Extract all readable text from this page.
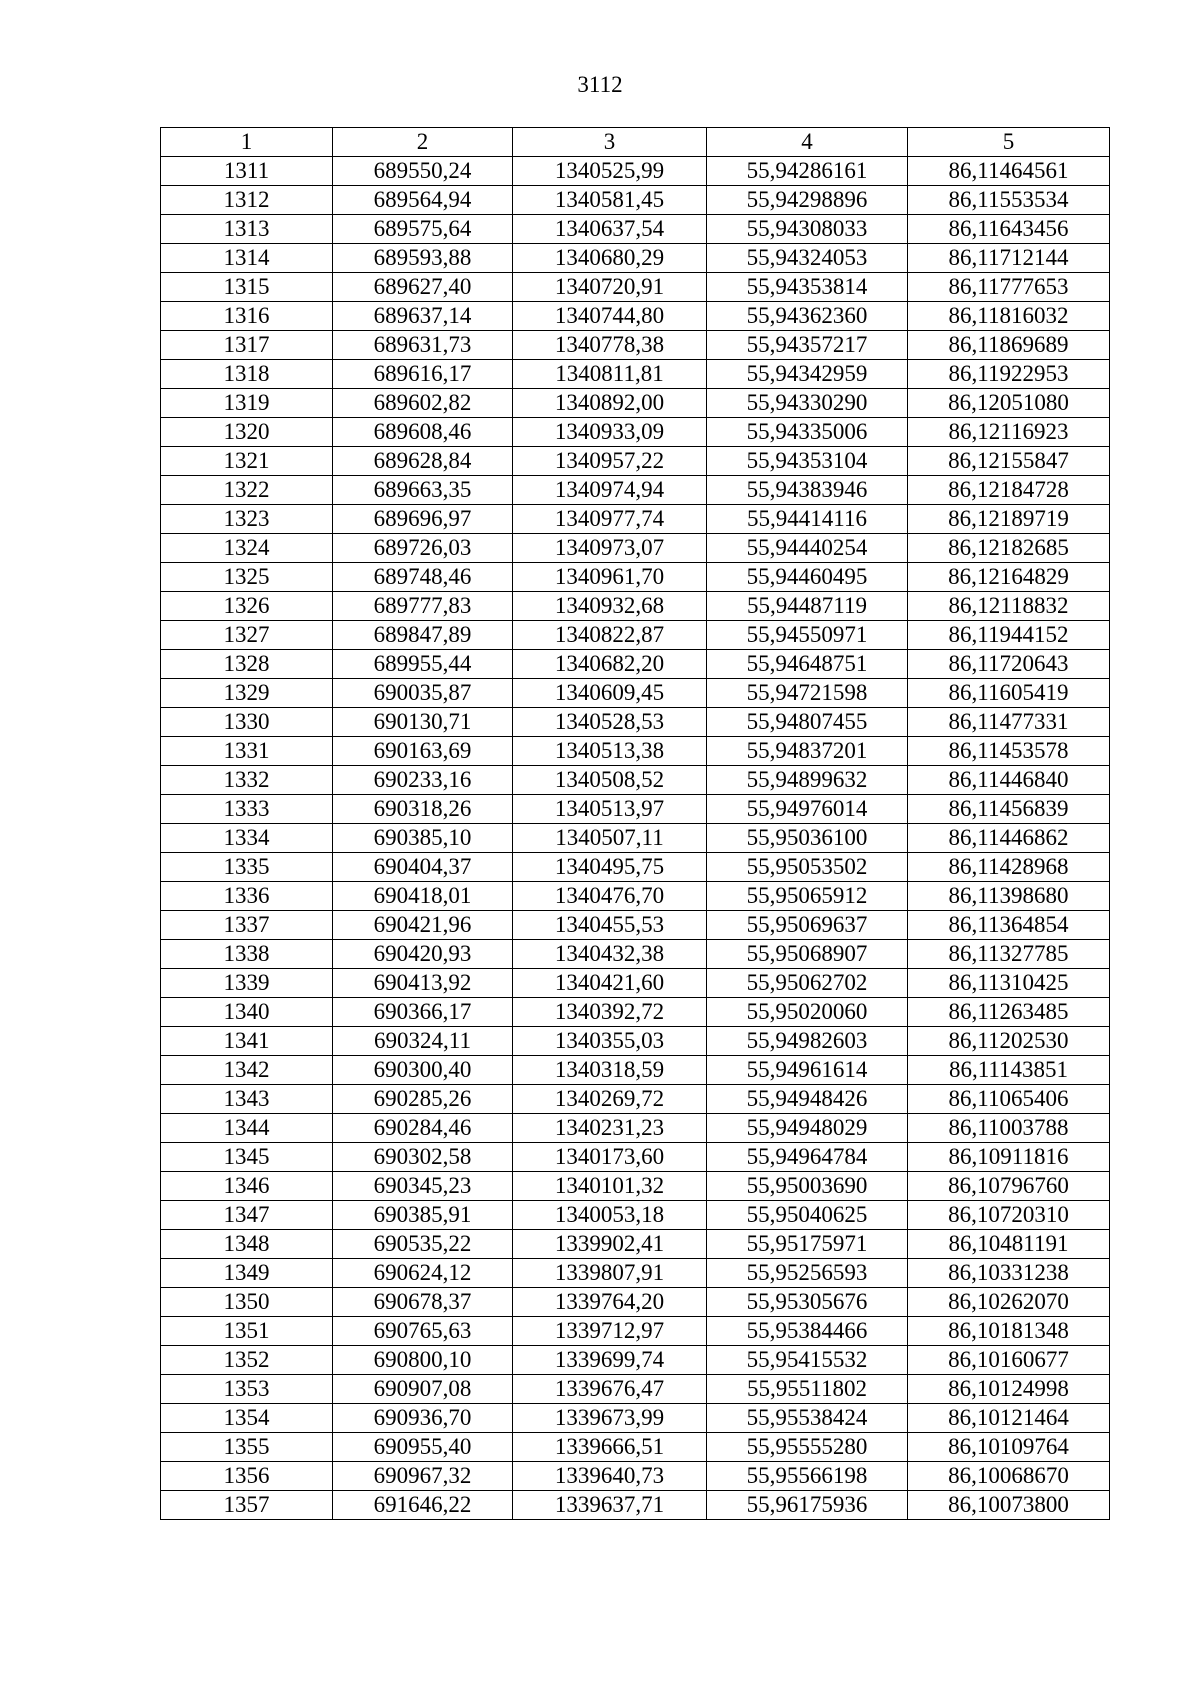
3112
1	2	3	4	5
1311	689550,24	1340525,99	55,94286161	86,11464561
1312	689564,94	1340581,45	55,94298896	86,11553534
1313	689575,64	1340637,54	55,94308033	86,11643456
1314	689593,88	1340680,29	55,94324053	86,11712144
1315	689627,40	1340720,91	55,94353814	86,11777653
1316	689637,14	1340744,80	55,94362360	86,11816032
1317	689631,73	1340778,38	55,94357217	86,11869689
1318	689616,17	1340811,81	55,94342959	86,11922953
1319	689602,82	1340892,00	55,94330290	86,12051080
1320	689608,46	1340933,09	55,94335006	86,12116923
1321	689628,84	1340957,22	55,94353104	86,12155847
1322	689663,35	1340974,94	55,94383946	86,12184728
1323	689696,97	1340977,74	55,94414116	86,12189719
1324	689726,03	1340973,07	55,94440254	86,12182685
1325	689748,46	1340961,70	55,94460495	86,12164829
1326	689777,83	1340932,68	55,94487119	86,12118832
1327	689847,89	1340822,87	55,94550971	86,11944152
1328	689955,44	1340682,20	55,94648751	86,11720643
1329	690035,87	1340609,45	55,94721598	86,11605419
1330	690130,71	1340528,53	55,94807455	86,11477331
1331	690163,69	1340513,38	55,94837201	86,11453578
1332	690233,16	1340508,52	55,94899632	86,11446840
1333	690318,26	1340513,97	55,94976014	86,11456839
1334	690385,10	1340507,11	55,95036100	86,11446862
1335	690404,37	1340495,75	55,95053502	86,11428968
1336	690418,01	1340476,70	55,95065912	86,11398680
1337	690421,96	1340455,53	55,95069637	86,11364854
1338	690420,93	1340432,38	55,95068907	86,11327785
1339	690413,92	1340421,60	55,95062702	86,11310425
1340	690366,17	1340392,72	55,95020060	86,11263485
1341	690324,11	1340355,03	55,94982603	86,11202530
1342	690300,40	1340318,59	55,94961614	86,11143851
1343	690285,26	1340269,72	55,94948426	86,11065406
1344	690284,46	1340231,23	55,94948029	86,11003788
1345	690302,58	1340173,60	55,94964784	86,10911816
1346	690345,23	1340101,32	55,95003690	86,10796760
1347	690385,91	1340053,18	55,95040625	86,10720310
1348	690535,22	1339902,41	55,95175971	86,10481191
1349	690624,12	1339807,91	55,95256593	86,10331238
1350	690678,37	1339764,20	55,95305676	86,10262070
1351	690765,63	1339712,97	55,95384466	86,10181348
1352	690800,10	1339699,74	55,95415532	86,10160677
1353	690907,08	1339676,47	55,95511802	86,10124998
1354	690936,70	1339673,99	55,95538424	86,10121464
1355	690955,40	1339666,51	55,95555280	86,10109764
1356	690967,32	1339640,73	55,95566198	86,10068670
1357	691646,22	1339637,71	55,96175936	86,10073800
